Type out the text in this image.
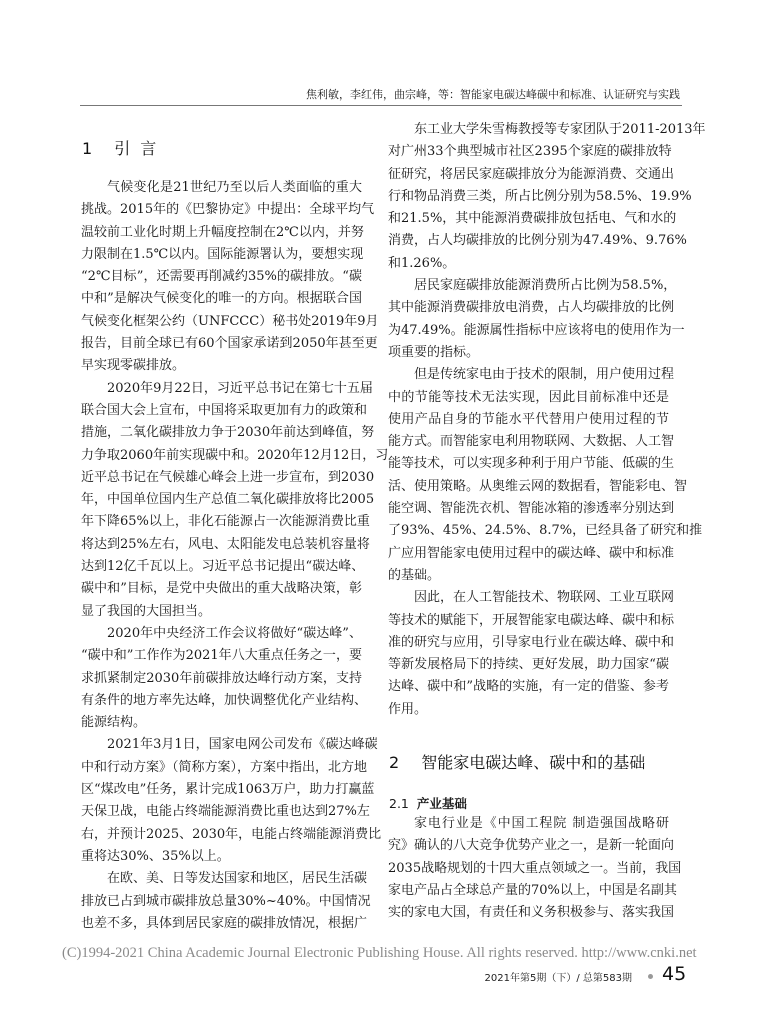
焦利敏，李红伟，曲宗峰，等：智能家电碳达峰碳中和标准、认证研究与实践
1 引言
气候变化是21世纪乃至以后人类面临的重大
挑战。2015年的《巴黎协定》中提出：全球平均气
温较前工业化时期上升幅度控制在2℃以内，并努
力限制在1.5℃以内。国际能源署认为，要想实现
“2℃目标”，还需要再削减约35%的碳排放。“碳
中和”是解决气候变化的唯一的方向。根据联合国
气候变化框架公约（UNFCCC）秘书处2019年9月
报告，目前全球已有60个国家承诺到2050年甚至更
早实现零碳排放。
2020年9月22日，习近平总书记在第七十五届
联合国大会上宣布，中国将采取更加有力的政策和
措施，二氧化碳排放力争于2030年前达到峰值，努
力争取2060年前实现碳中和。2020年12月12日，习
近平总书记在气候雄心峰会上进一步宣布，到2030
年，中国单位国内生产总值二氧化碳排放将比2005
年下降65%以上，非化石能源占一次能源消费比重
将达到25%左右，风电、太阳能发电总装机容量将
达到12亿千瓦以上。习近平总书记提出“碳达峰、
碳中和”目标，是党中央做出的重大战略决策，彰
显了我国的大国担当。
2020年中央经济工作会议将做好“碳达峰”、
“碳中和”工作作为2021年八大重点任务之一，要
求抓紧制定2030年前碳排放达峰行动方案，支持
有条件的地方率先达峰，加快调整优化产业结构、
能源结构。
2021年3月1日，国家电网公司发布《碳达峰碳
中和行动方案》（简称方案），方案中指出，北方地
区“煤改电”任务，累计完成1063万户，助力打赢蓝
天保卫战，电能占终端能源消费比重也达到27%左
右，并预计2025、2030年，电能占终端能源消费比
重将达30%、35%以上。
在欧、美、日等发达国家和地区，居民生活碳
排放已占到城市碳排放总量30%~40%。中国情况
也差不多，具体到居民家庭的碳排放情况，根据广
东工业大学朱雪梅教授等专家团队于2011-2013年
对广州33个典型城市社区2395个家庭的碳排放特
征研究，将居民家庭碳排放分为能源消费、交通出
行和物品消费三类，所占比例分别为58.5%、19.9%
和21.5%，其中能源消费碳排放包括电、气和水的
消费，占人均碳排放的比例分别为47.49%、9.76%
和1.26%。
居民家庭碳排放能源消费所占比例为58.5%，
其中能源消费碳排放电消费，占人均碳排放的比例
为47.49%。能源属性指标中应该将电的使用作为一
项重要的指标。
但是传统家电由于技术的限制，用户使用过程
中的节能等技术无法实现，因此目前标准中还是
使用产品自身的节能水平代替用户使用过程的节
能方式。而智能家电利用物联网、大数据、人工智
能等技术，可以实现多种利于用户节能、低碳的生
活、使用策略。从奥维云网的数据看，智能彩电、智
能空调、智能洗衣机、智能冰箱的渗透率分别达到
了93%、45%、24.5%、8.7%，已经具备了研究和推
广应用智能家电使用过程中的碳达峰、碳中和标准
的基础。
因此，在人工智能技术、物联网、工业互联网
等技术的赋能下，开展智能家电碳达峰、碳中和标
准的研究与应用，引导家电行业在碳达峰、碳中和
等新发展格局下的持续、更好发展，助力国家“碳
达峰、碳中和”战略的实施，有一定的借鉴、参考
作用。
2 智能家电碳达峰、碳中和的基础
2.1 产业基础
家电行业是《中国工程院 制造强国战略研
究》确认的八大竞争优势产业之一，是新一轮面向
2035战略规划的十四大重点领域之一。当前，我国
家电产品占全球总产量的70%以上，中国是名副其
实的家电大国，有责任和义务积极参与、落实我国
(C)1994-2021 China Academic Journal Electronic Publishing House. All rights reserved. http://www.cnki.net
2021年第5期（下）/ 总第583期 45
